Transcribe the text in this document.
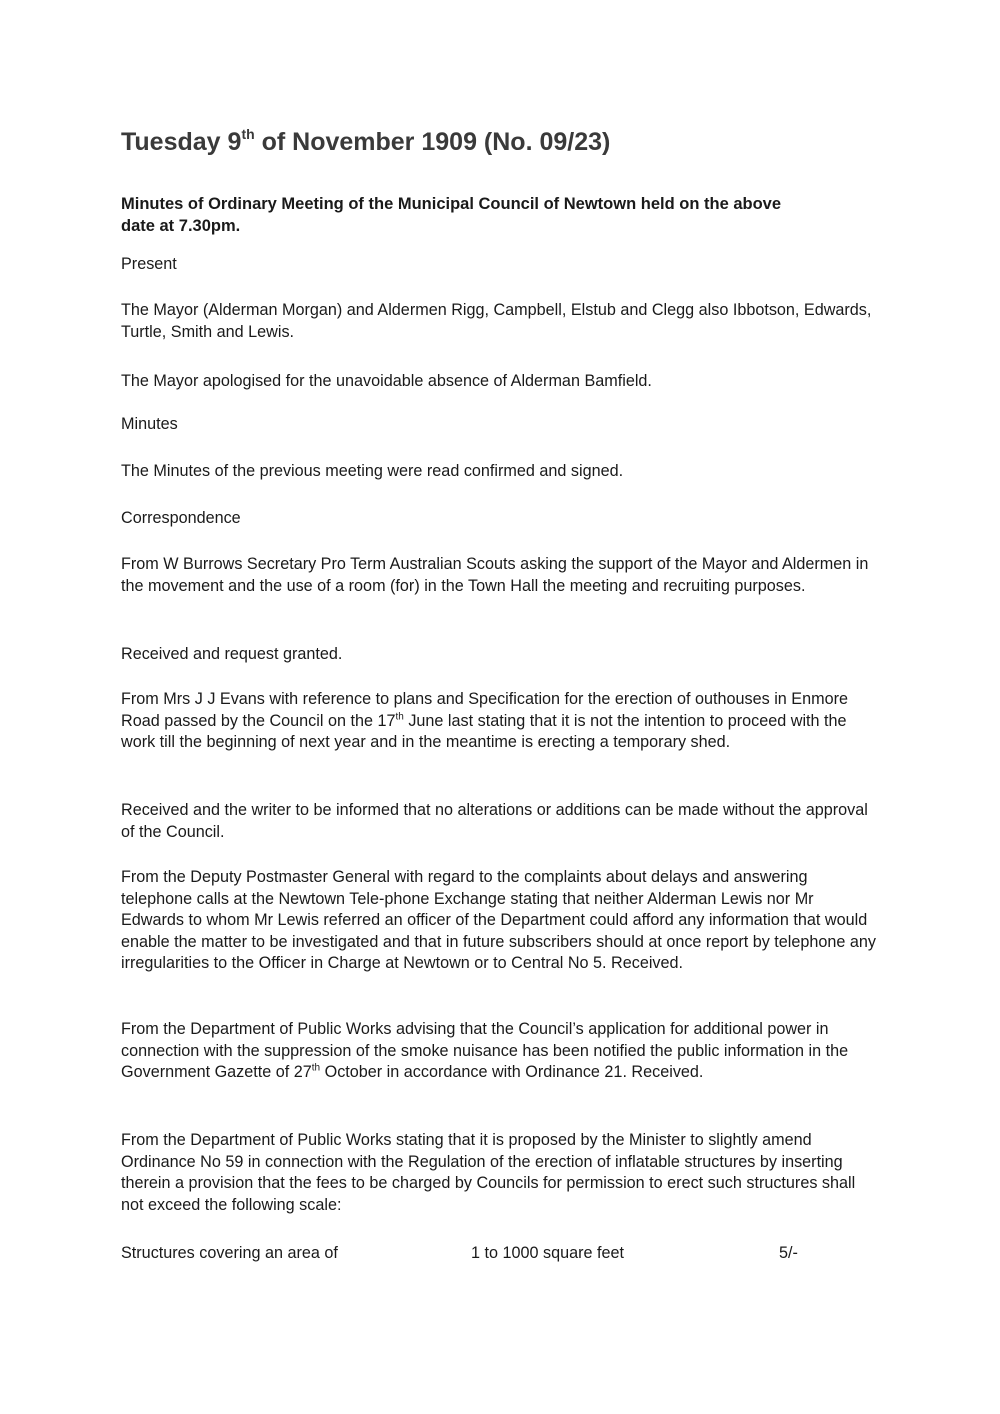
Tuesday 9th of November 1909 (No. 09/23)
Minutes of Ordinary Meeting of the Municipal Council of Newtown held on the above
date at 7.30pm.

Present

The Mayor (Alderman Morgan) and Aldermen Rigg, Campbell, Elstub and Clegg also Ibbotson, Edwards, Turtle, Smith and Lewis.

The Mayor apologised for the unavoidable absence of Alderman Bamfield.

Minutes

The Minutes of the previous meeting were read confirmed and signed.

Correspondence

From W Burrows Secretary Pro Term Australian Scouts asking the support of the Mayor and Aldermen in the movement and the use of a room (for) in the Town Hall the meeting and recruiting purposes.

Received and request granted.

From Mrs J J Evans with reference to plans and Specification for the erection of outhouses in Enmore Road passed by the Council on the 17th June last stating that it is not the intention to proceed with the work till the beginning of next year and in the meantime is erecting a temporary shed.

Received and the writer to be informed that no alterations or additions can be made without the approval of the Council.

From the Deputy Postmaster General with regard to the complaints about delays and answering telephone calls at the Newtown Tele-phone Exchange stating that neither Alderman Lewis nor Mr Edwards to whom Mr Lewis referred an officer of the Department could afford any information that would enable the matter to be investigated and that in future subscribers should at once report by telephone any irregularities to the Officer in Charge at Newtown or to Central No 5. Received.

From the Department of Public Works advising that the Council’s application for additional power in connection with the suppression of the smoke nuisance has been notified the public information in the Government Gazette of 27th October in accordance with Ordinance 21. Received.

From the Department of Public Works stating that it is proposed by the Minister to slightly amend Ordinance No 59 in connection with the Regulation of the erection of inflatable structures by inserting therein a provision that the fees to be charged by Councils for permission to erect such structures shall not exceed the following scale:

Structures covering an area of	1 to 1000 square feet	5/-
